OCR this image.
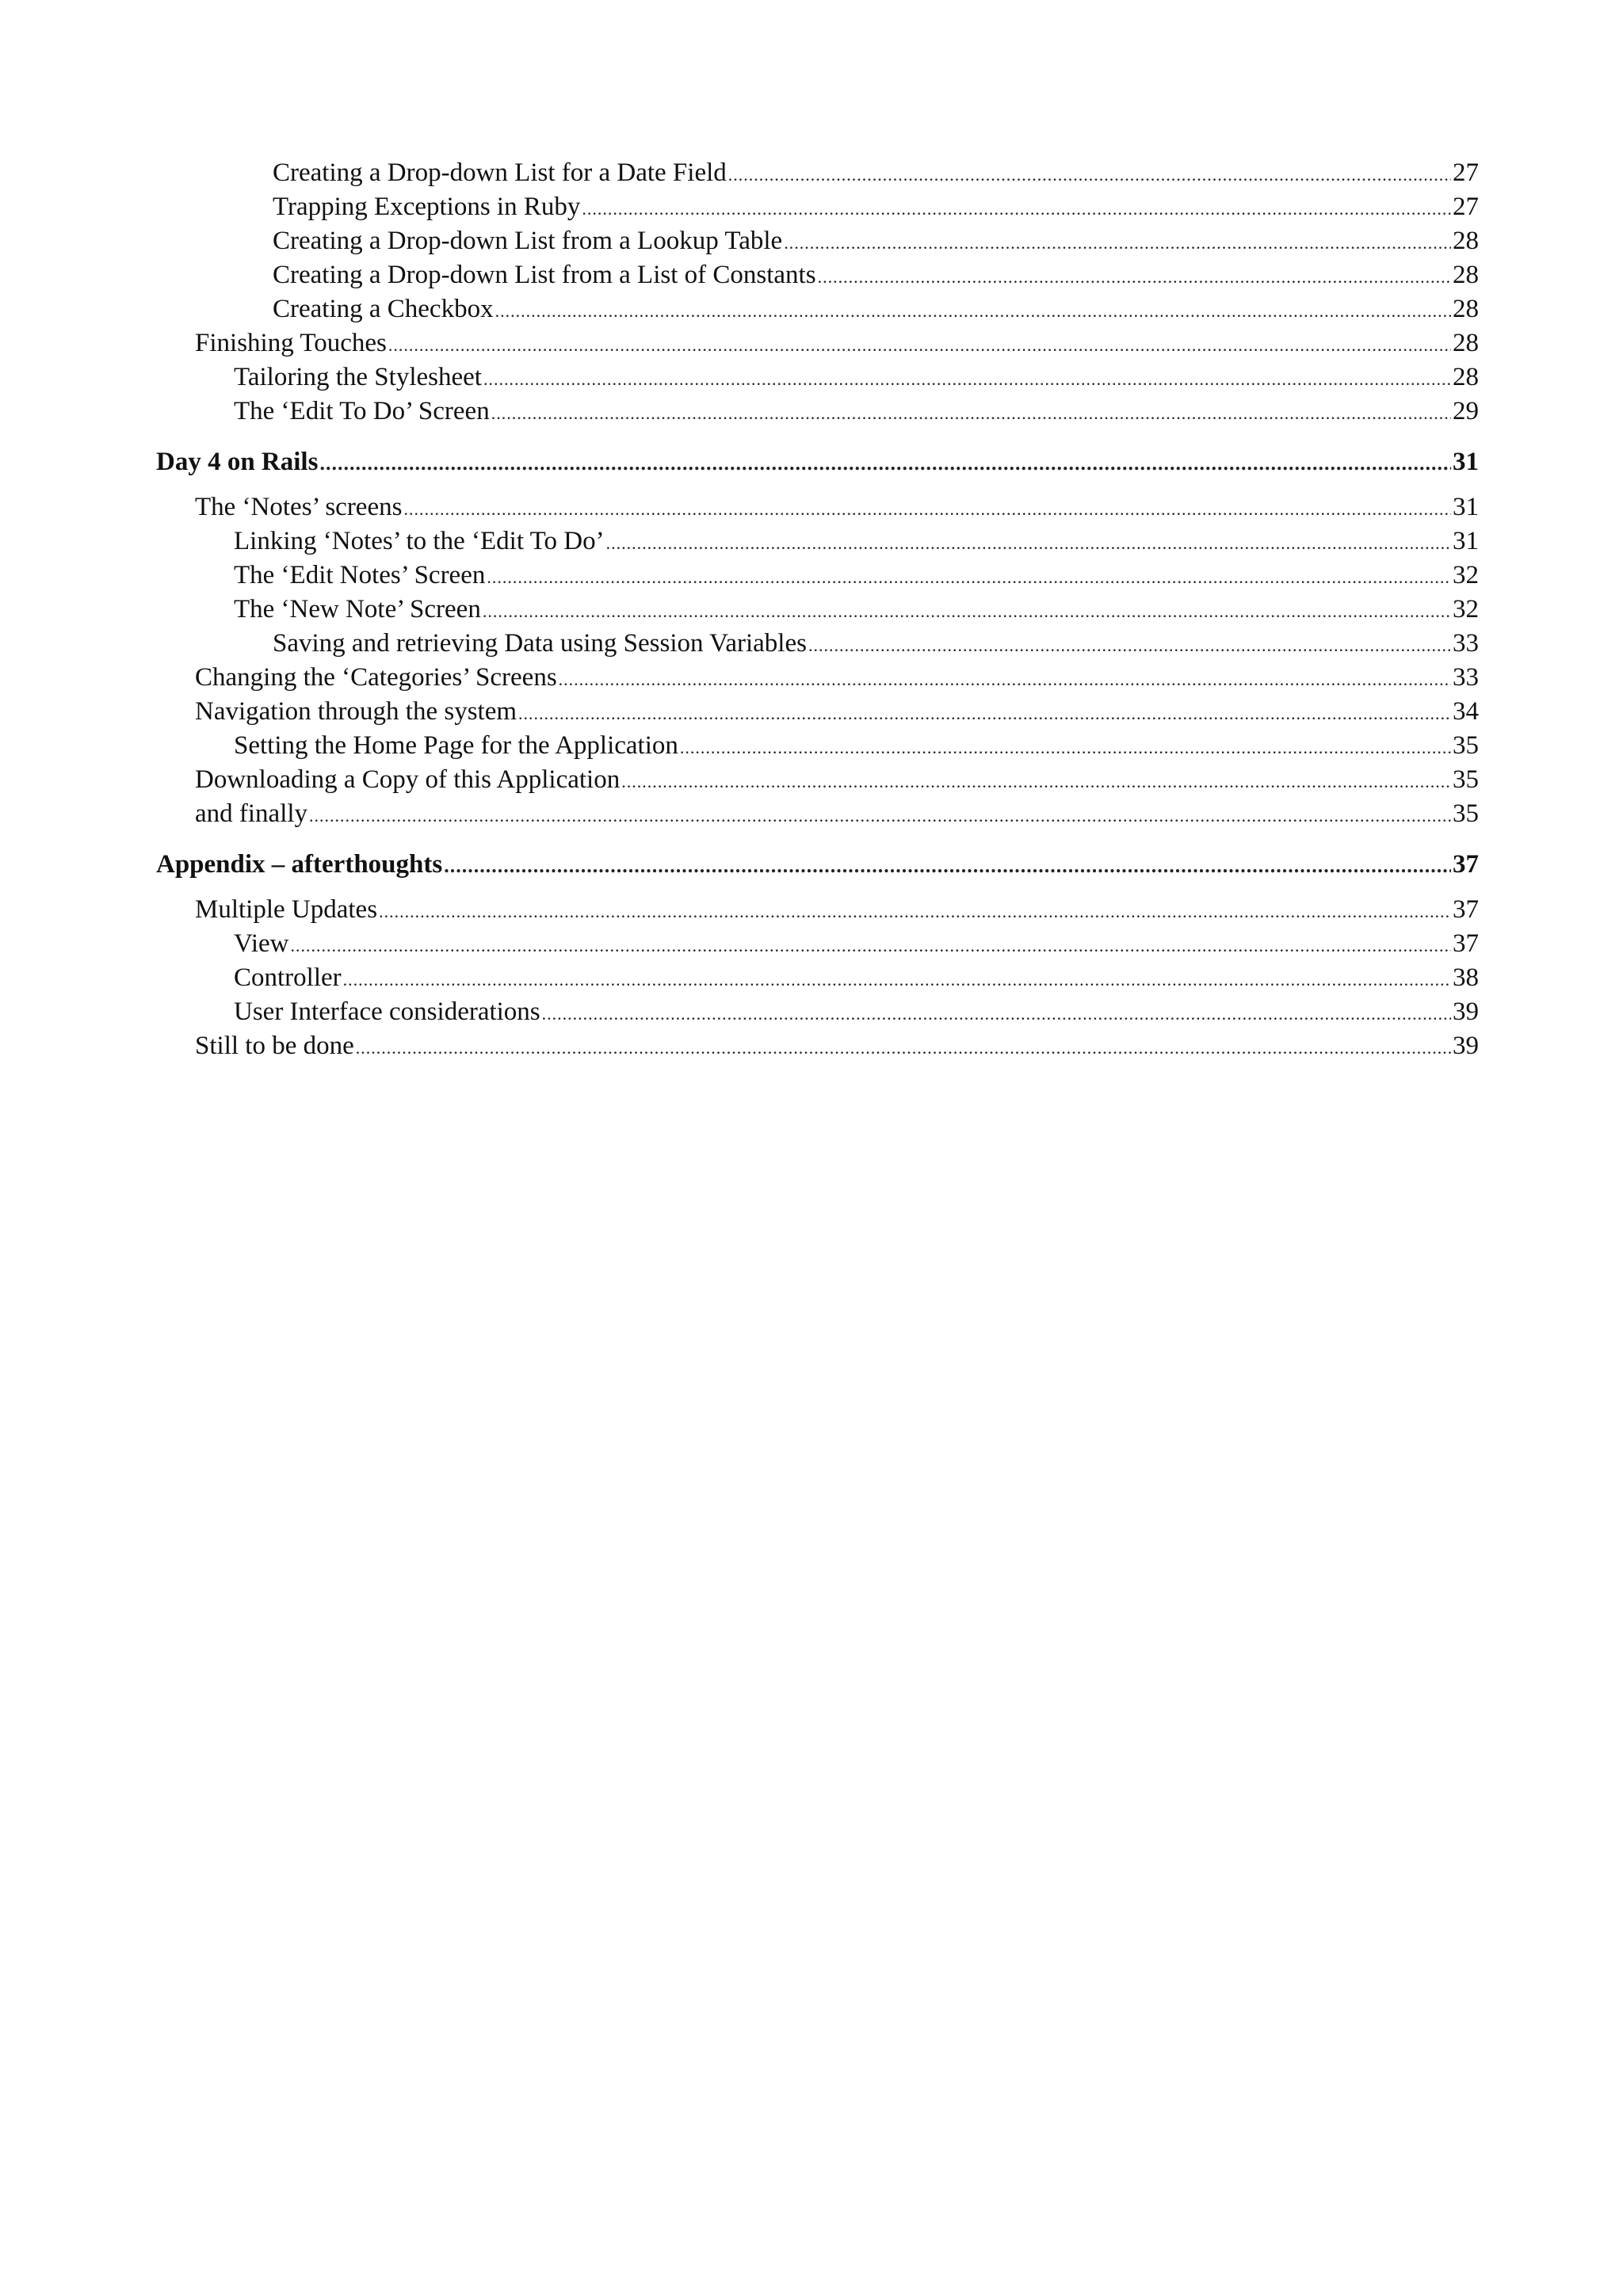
Creating a Drop-down List for a Date Field .....	27
Trapping Exceptions in Ruby .....	27
Creating a Drop-down List from a Lookup Table .....	28
Creating a Drop-down List from a List of Constants .....	28
Creating a Checkbox .....	28
Finishing Touches .....	28
Tailoring the Stylesheet .....	28
The ‘Edit To Do’ Screen .....	29
Day 4 on Rails .....	31
The ‘Notes’ screens .....	31
Linking ‘Notes’ to the ‘Edit To Do’ .....	31
The ‘Edit Notes’ Screen .....	32
The ‘New Note’ Screen .....	32
Saving and retrieving Data using Session Variables .....	33
Changing the ‘Categories’ Screens .....	33
Navigation through the system .....	34
Setting the Home Page for the Application .....	35
Downloading a Copy of this Application .....	35
and finally .....	35
Appendix – afterthoughts .....	37
Multiple Updates .....	37
View .....	37
Controller .....	38
User Interface considerations .....	39
Still to be done .....	39
